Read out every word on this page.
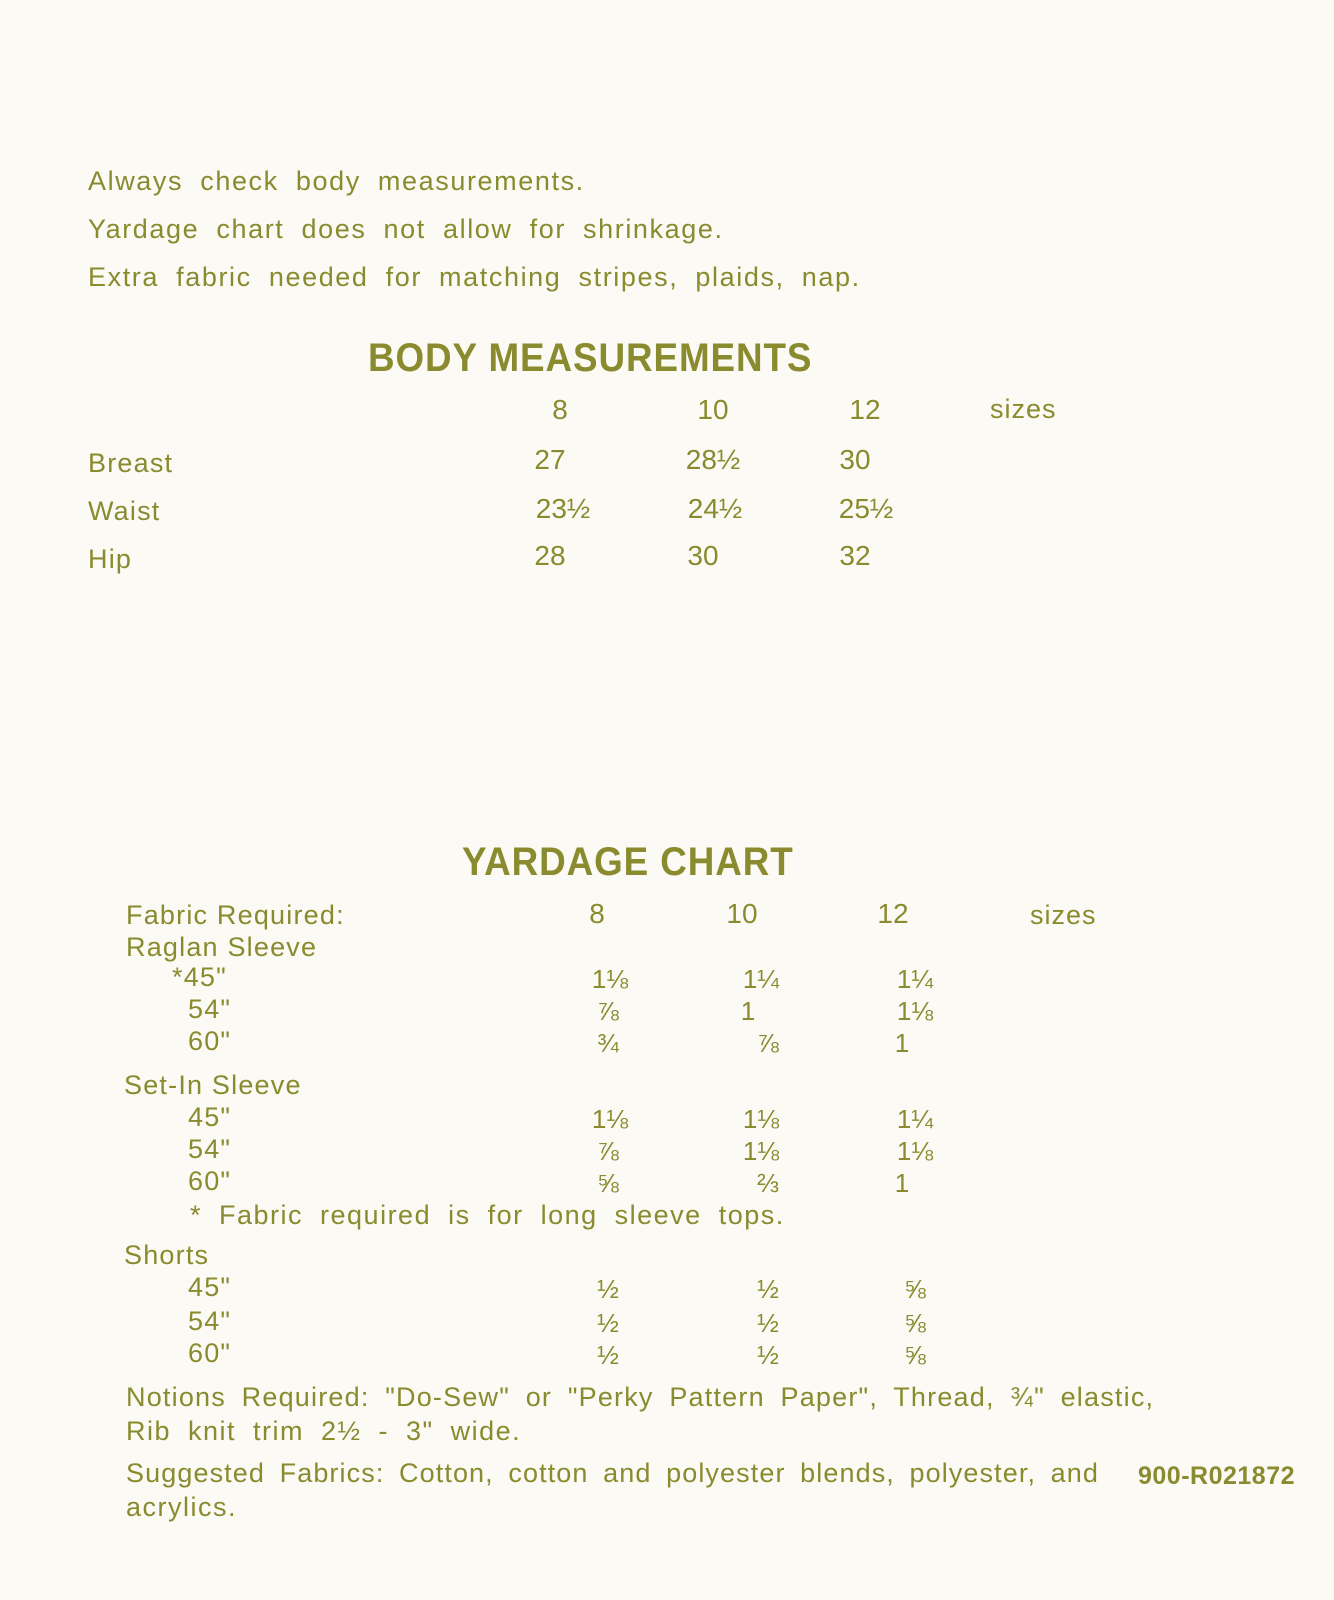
Always check body measurements.
Yardage chart does not allow for shrinkage.
Extra fabric needed for matching stripes, plaids, nap.
BODY MEASUREMENTS
8	10	12	sizes
Breast	27	28½	30
Waist	23½	24½	25½
Hip	28	30	32
YARDAGE CHART
Fabric Required:	8	10	12	sizes
Raglan Sleeve
*45"	1⅛	1¼	1¼
54"	⅞	1	1⅛
60"	¾	⅞	1
Set-In Sleeve
45"	1⅛	1⅛	1¼
54"	⅞	1⅛	1⅛
60"	⅝	⅔	1
* Fabric required is for long sleeve tops.
Shorts
45"	½	½	⅝
54"	½	½	⅝
60"	½	½	⅝
Notions Required: "Do-Sew" or "Perky Pattern Paper", Thread, ¾" elastic,
Rib knit trim 2½ - 3" wide.
Suggested Fabrics: Cotton, cotton and polyester blends, polyester, and
acrylics.
900-R021872
